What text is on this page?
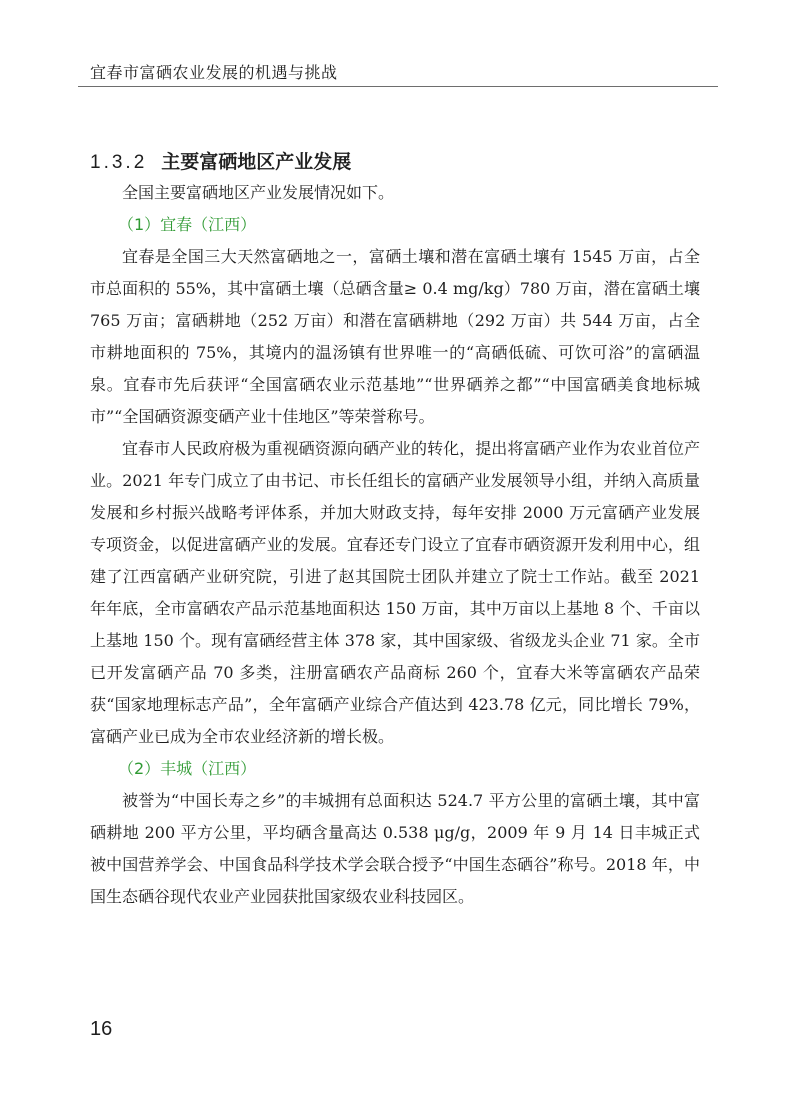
宜春市富硒农业发展的机遇与挑战
1.3.2 主要富硒地区产业发展

全国主要富硒地区产业发展情况如下。

（1）宜春（江西）

宜春是全国三大天然富硒地之一，富硒土壤和潜在富硒土壤有 1545 万亩，占全市总面积的 55%，其中富硒土壤（总硒含量≥ 0.4 mg/kg）780 万亩，潜在富硒土壤 765 万亩；富硒耕地（252 万亩）和潜在富硒耕地（292 万亩）共 544 万亩，占全市耕地面积的 75%，其境内的温汤镇有世界唯一的“高硒低硫、可饮可浴”的富硒温泉。宜春市先后获评“全国富硒农业示范基地”“世界硒养之都”“中国富硒美食地标城市”“全国硒资源变硒产业十佳地区”等荣誉称号。

宜春市人民政府极为重视硒资源向硒产业的转化，提出将富硒产业作为农业首位产业。2021 年专门成立了由书记、市长任组长的富硒产业发展领导小组，并纳入高质量发展和乡村振兴战略考评体系，并加大财政支持，每年安排 2000 万元富硒产业发展专项资金，以促进富硒产业的发展。宜春还专门设立了宜春市硒资源开发利用中心，组建了江西富硒产业研究院，引进了赵其国院士团队并建立了院士工作站。截至 2021 年年底，全市富硒农产品示范基地面积达 150 万亩，其中万亩以上基地 8 个、千亩以上基地 150 个。现有富硒经营主体 378 家，其中国家级、省级龙头企业 71 家。全市已开发富硒产品 70 多类，注册富硒农产品商标 260 个，宜春大米等富硒农产品荣获“国家地理标志产品”，全年富硒产业综合产值达到 423.78 亿元，同比增长 79%，富硒产业已成为全市农业经济新的增长极。

（2）丰城（江西）

被誉为“中国长寿之乡”的丰城拥有总面积达 524.7 平方公里的富硒土壤，其中富硒耕地 200 平方公里，平均硒含量高达 0.538 μg/g，2009 年 9 月 14 日丰城正式被中国营养学会、中国食品科学技术学会联合授予“中国生态硒谷”称号。2018 年，中国生态硒谷现代农业产业园获批国家级农业科技园区。

16
